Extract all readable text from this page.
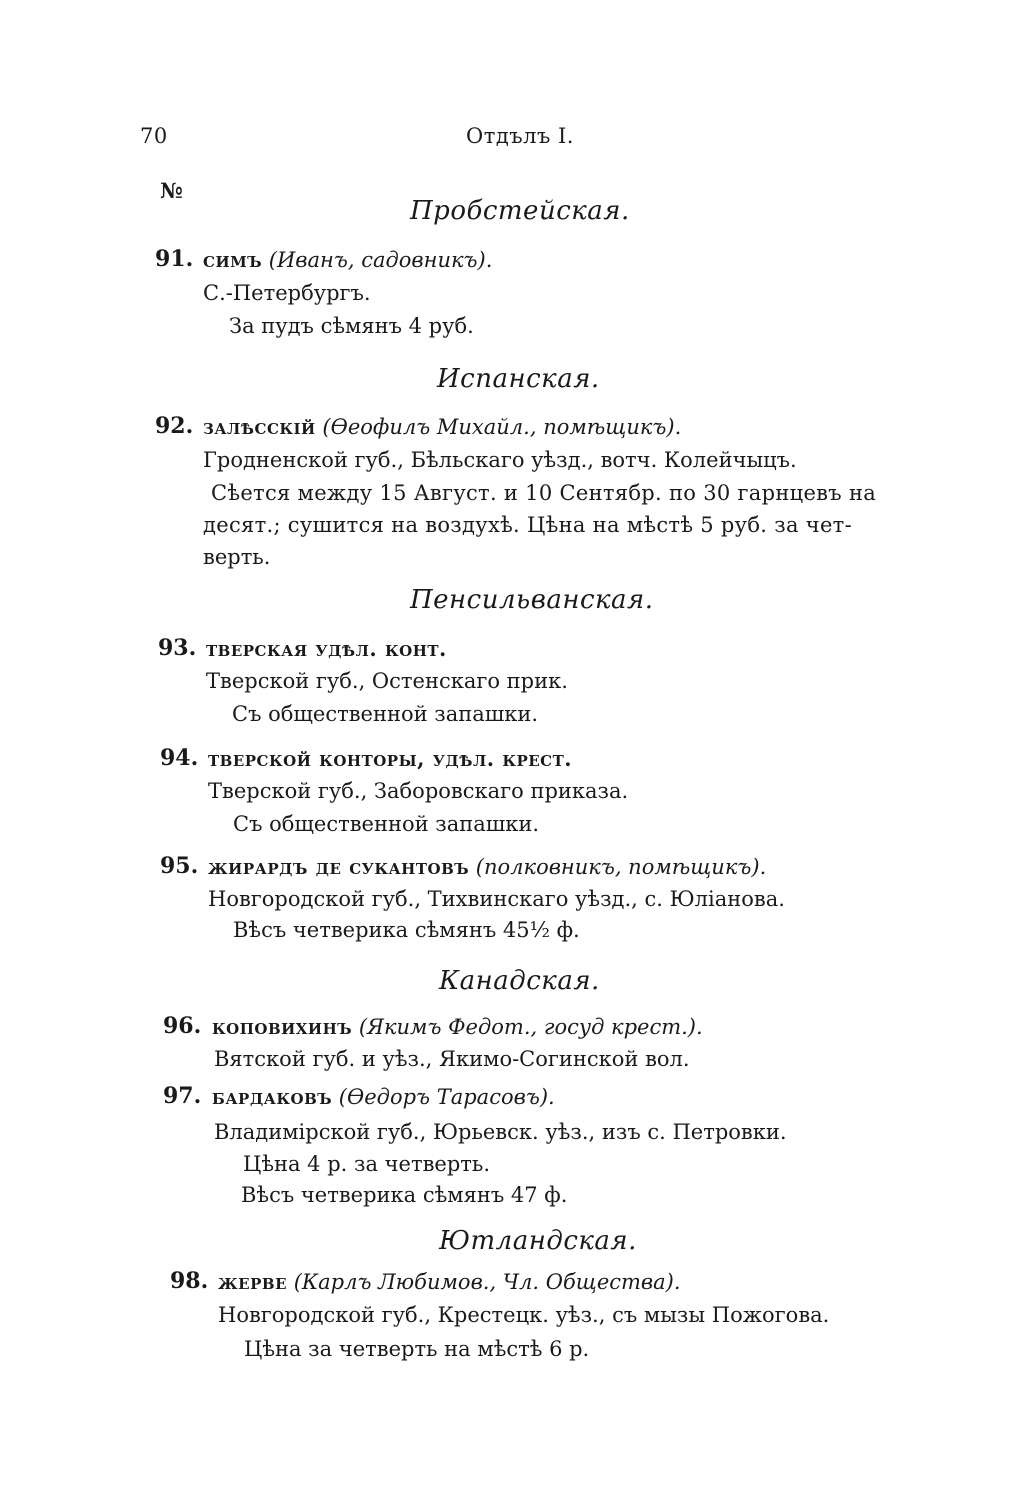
70	Отдълъ I.
№
Пробстейская.
91. симъ (Иванъ, садовникъ).
С.-Петербургъ.
За пудъ сѣмянъ 4 руб.
Испанская.
92. залѣсскій (Ѳеофилъ Михайл., помѣщикъ).
Гродненской губ., Бѣльскаго уѣзд., вотч. Колейчыцъ.
Сѣется между 15 Август. и 10 Сентябр. по 30 гарнцевъ на
десят.; сушится на воздухѣ. Цѣна на мѣстѣ 5 руб. за чет-
верть.
Пенсильванская.
93. тверская удѣл. конт.
Тверской губ., Остенскаго прик.
Съ общественной запашки.
94. тверской конторы, удѣл. крест.
Тверской губ., Заборовскаго приказа.
Съ общественной запашки.
95. жирардъ де сукантовъ (полковникъ, помѣщикъ).
Новгородской губ., Тихвинскаго уѣзд., с. Юліанова.
Вѣсъ четверика сѣмянъ 45½ ф.
Канадская.
96. коповихинъ (Якимъ Федот., госуд крест.).
Вятской губ. и уѣз., Якимо-Согинской вол.
97. бардаковъ (Ѳедоръ Тарасовъ).
Владимірской губ., Юрьевск. уѣз., изъ с. Петровки.
Цѣна 4 р. за четверть.
Вѣсъ четверика сѣмянъ 47 ф.
Ютландская.
98. жерве (Карлъ Любимов., Чл. Общества).
Новгородской губ., Крестецк. уѣз., съ мызы Пожогова.
Цѣна за четверть на мѣстѣ 6 р.
